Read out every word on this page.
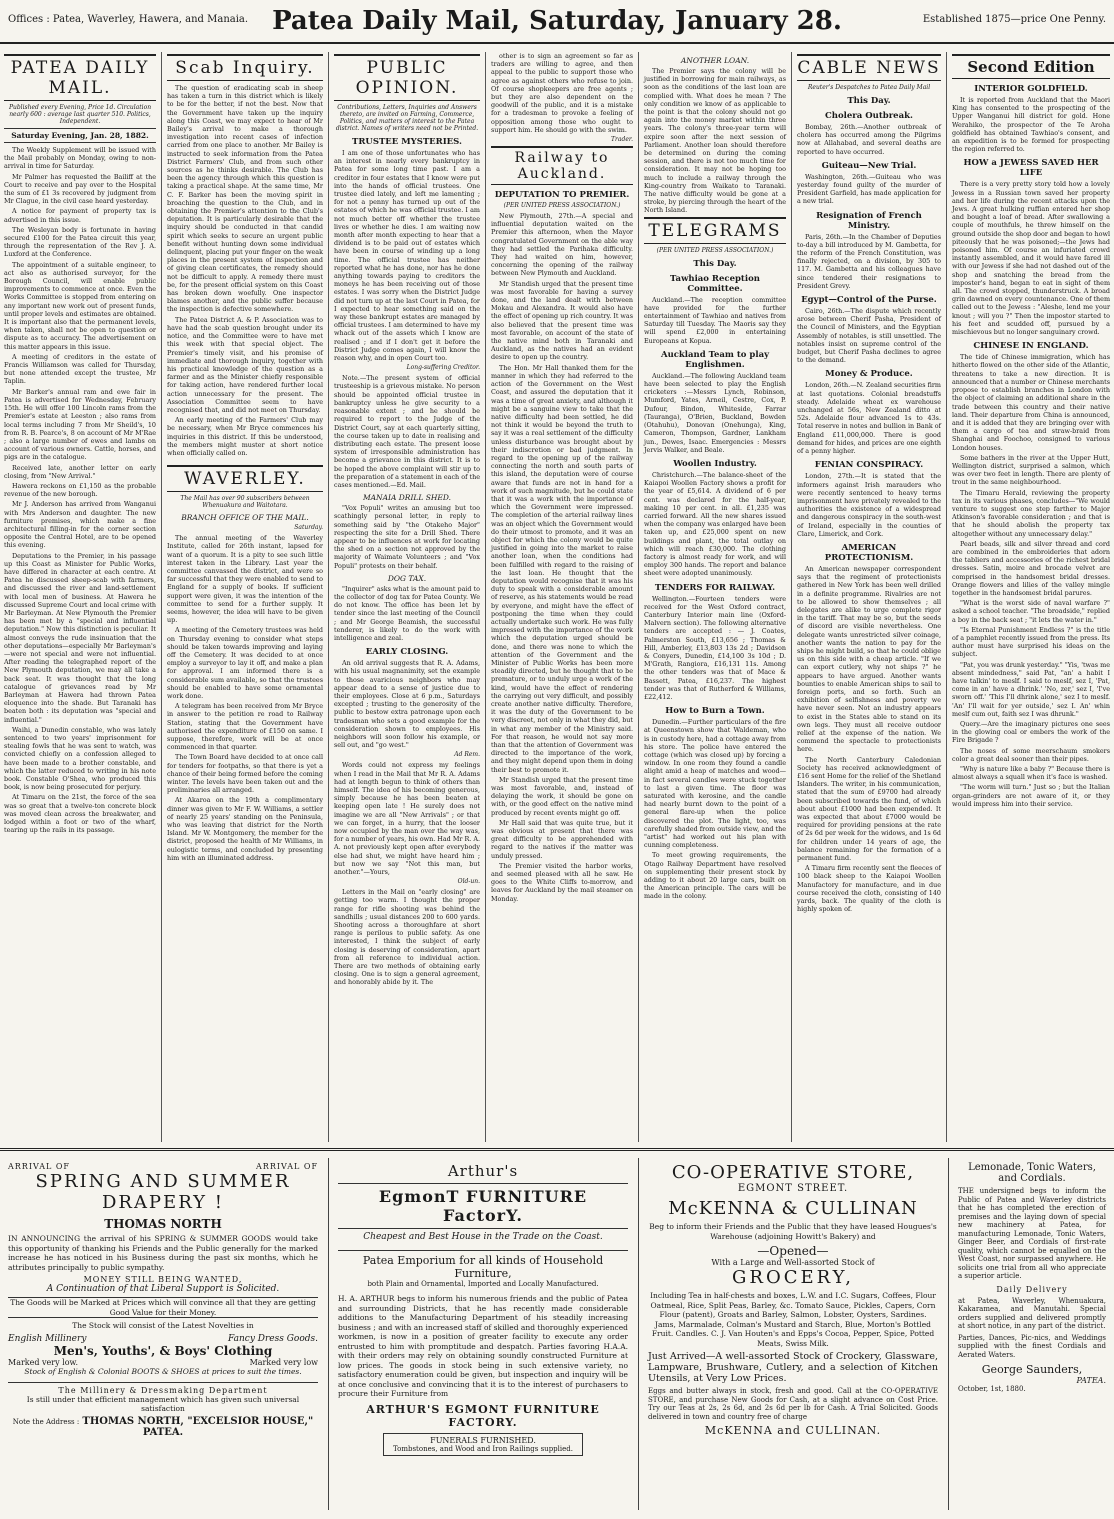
Offices : Patea, Waverley, Hawera, and Manaia. Patea Daily Mail, Saturday, January 28.	Established 1875—price One Penny.
PATEA DAILY MAIL.
Published every Evening, Price 1d. Circulation nearly 600 : average last quarter 510. Politics, Independent.
Saturday Evening, Jan. 28, 1882.

The Weekly Supplement will be issued with the Mail probably on Monday, owing to non-arrival in time for Saturday.

Mr Palmer has requested the Bailiff at the Court to receive and pay over to the Hospital the sum of £1 3s recovered by judgment from Mr Clague, in the civil case heard yesterday.

A notice for payment of property tax is advertised in this issue.

The Wesleyan body is fortunate in having secured £100 for the Patea circuit this year, through the representation of the Rev J. A. Luxford at the Conference.

The appointment of a suitable engineer, to act also as authorised surveyor, for the Borough Council, will enable public improvements to commence at once. Even the Works Committee is stopped from entering on any important new work out of present funds, until proper levels and estimates are obtained. It is important also that the permanent levels, when taken, shall not be open to question or dispute as to accuracy. The advertisement on this matter appears in this issue.

A meeting of creditors in the estate of Francis Williamson was called for Thursday, but none attended except the trustee, Mr Taplin.

Mr Barker's annual ram and ewe fair in Patea is advertised for Wednesday, February 15th. He will offer 100 Lincoln rams from the Premier's estate at Leeston ; also rams from local terms including 7 from Mr Sheild's, 10 from R. B. Pearce's, 8 on account of Mr M'Rae ; also a large number of ewes and lambs on account of various owners. Cattle, horses, and pigs are in the catalogue.

Received late, another letter on early closing, from "New Arrival."

Hawera reckons on £1,150 as the probable revenue of the new borough.

Mr J. Anderson has arrived from Wanganui with Mrs Anderson and daughter. The new furniture premises, which make a fine architectural filling-in for the corner section opposite the Central Hotel, are to be opened this evening.

Deputations to the Premier, in his passage up this Coast as Minister for Public Works, have differed in character at each centre. At Patea he discussed sheep-scab with farmers, and discussed the river and land-settlement with local men of business. At Hawera he discussed Supreme Court and local crime with Mr Barleyman. At New Plymouth the Premier has been met by a "special and influential deputation." Now this distinction is peculiar. It almost conveys the rude insinuation that the other deputations—especially Mr Barleyman's—were not special and were not influential. After reading the telegraphed report of the New Plymouth deputation, we may all take a back seat. It was thought that the long catalogue of grievances read by Mr Barleyman at Hawera had thrown Patea eloquence into the shade. But Taranaki has beaten both : its deputation was "special and influential."

Waihi, a Dunedin constable, who was lately sentenced to two years' imprisonment for stealing fowls that he was sent to watch, was convicted chiefly on a confession alleged to have been made to a brother constable, and which the latter reduced to writing in his note book. Constable O'Shea, who produced this book, is now being prosecuted for perjury.

At Timaru on the 21st, the force of the sea was so great that a twelve-ton concrete block was moved clean across the breakwater, and lodged within a foot or two of the wharf, tearing up the rails in its passage.

Scab Inquiry.

The question of eradicating scab in sheep has taken a turn in this district which is likely to be for the better, if not the best. Now that the Government have taken up the inquiry along this Coast, we may expect to hear of Mr Bailey's arrival to make a thorough investigation into recent cases of infection carried from one place to another. Mr Bailey is instructed to seek information from the Patea District Farmers' Club, and from such other sources as he thinks desirable. The Club has been the agency through which this question is taking a practical shape. At the same time, Mr C. F. Barker has been the moving spirit in broaching the question to the Club, and in obtaining the Premier's attention to the Club's deputation. It is particularly desirable that the inquiry should be conducted in that candid spirit which seeks to secure an urgent public benefit without hunting down some individual delinquent, placing put your finger on the weak places in the present system of inspection and of giving clean certificates, the remedy should not be difficult to apply. A remedy there must be, for the present official system on this Coast has broken down woefully. One inspector blames another, and the public suffer because the inspection is defective somewhere.

The Patea District A. & P. Association was to have had the scab question brought under its notice, and the Committee were to have met this week with that special object. The Premier's timely visit, and his promise of immediate and thorough inquiry, together with his practical knowledge of the question as a farmer and as the Minister chiefly responsible for taking action, have rendered further local action unnecessary for the present. The Association Committee seem to have recognised that, and did not meet on Thursday.

An early meeting of the Farmers' Club may be necessary, when Mr Bryce commences his inquiries in this district. If this be understood, the members might muster at short notice when officially called on.

WAVERLEY.
The Mail has over 90 subscribers between Whenuakura and Waitotara.
BRANCH OFFICE OF THE MAIL.
Saturday.

The annual meeting of the Waverley Institute, called for 26th instant, lapsed for want of a quorum. It is a pity to see such little interest taken in the Library. Last year the committee canvassed the district, and were so far successful that they were enabled to send to England for a supply of books. If sufficient support were given, it was the intention of the committee to send for a further supply. It seems, however, the idea will have to be given up.

A meeting of the Cemetery trustees was held on Thursday evening to consider what steps should be taken towards improving and laying off the Cemetery. It was decided to at once employ a surveyor to lay it off, and make a plan for approval. I am informed there is a considerable sum available, so that the trustees should be enabled to have some ornamental work done.

A telegram has been received from Mr Bryce in answer to the petition re road to Railway Station, stating that the Government have authorised the expenditure of £150 on same. I suppose, therefore, work will be at once commenced in that quarter.

The Town Board have decided to at once call for tenders for footpaths, so that there is yet a chance of their being formed before the coming winter. The levels have been taken out and the preliminaries all arranged.

At Akaroa on the 19th a complimentary dinner was given to Mr F. W. Williams, a settler of nearly 25 years' standing on the Peninsula, who was leaving that district for the North Island. Mr W. Montgomery, the member for the district, proposed the health of Mr Williams, in eulogistic terms, and concluded by presenting him with an illuminated address.

PUBLIC OPINION.
Contributions, Letters, Inquiries and Answers thereto, are invited on Farming, Commerce, Politics, and matters of interest to the Patea district. Names of writers need not be Printed.
TRUSTEE MYSTERIES.

I am one of those unfortunates who has an interest in nearly every bankruptcy in Patea for some long time past. I am a creditor in four estates that I know were put into the hands of official trustees. One trustee died lately, and left me lamenting ; for not a penny has turned up out of the estates of which he was official trustee. I am not much better off whether the trustee lives or whether he dies. I am waiting now month after month expecting to hear that a dividend is to be paid out of estates which have been in course of winding up a long time. The official trustee has neither reported what he has done, nor has he done anything towards paying to creditors the moneys he has been receiving out of those estates. I was sorry when the District Judge did not turn up at the last Court in Patea, for I expected to hear something said on the way these bankrupt estates are managed by official trustees. I am determined to have my whack out of the assets which I know are realised ; and if I don't get it before the District Judge comes again, I will know the reason why, and in open Court too.

Long-suffering Creditor.

Note.—The present system of official trusteeship is a grievous mistake. No person should be appointed official trustee in bankruptcy unless he give security to a reasonable extent ; and he should be required to report to the Judge of the District Court, say at each quarterly sitting, the course taken up to date in realising and distributing each estate. The present loose system of irresponsible administration has become a grievance in this district. It is to be hoped the above complaint will stir up to the preparation of a statement in each of the cases mentioned.—Ed. Mail.

MANAIA DRILL SHED.

"Vox Populi" writes an amusing but too scathingly personal letter, in reply to something said by "the Otakeho Major" respecting the site for a Drill Shed. There appear to be influences at work for locating the shed on a section not approved by the majority of Waimate Volunteers ; and "Vox Populi" protests on their behalf.

DOG TAX.

"Inquirer" asks what is the amount paid to the collector of dog tax for Patea County. We do not know. The office has been let by tender since the last meeting of the Council ; and Mr George Beamish, the successful tenderer, is likely to do the work with intelligence and zeal.

EARLY CLOSING.

An old arrival suggests that R. A. Adams, with his usual magnanimity, set the example to those avaricious neighbors who may appear dead to a sense of justice due to their employees. Close at 6 p.m., Saturdays excepted ; trusting to the generosity of the public to bestow extra patronage upon each tradesman who sets a good example for the consideration shown to employees. His neighbors will soon follow his example, or sell out, and "go west."

Ad Rem.

Words could not express my feelings when I read in the Mail that Mr R. A. Adams had at length begun to think of others than himself. The idea of his becoming generous, simply because he has been beaten at keeping open late ! He surely does not imagine we are all "New Arrivals" ; or that we can forget, in a hurry, that the looser now occupied by the man over the way was, for a number of years, his own. Had Mr R. A. A. not previously kept open after everybody else had shut, we might have heard him ; but now we say "Not this man, but another."—Yours,

Old-un.

Letters in the Mail on "early closing" are getting too warm. I thought the proper range for rifle shooting was behind the sandhills ; usual distances 200 to 600 yards. Shooting across a thoroughfare at short range is perilous to public safety. As one interested, I think the subject of early closing is deserving of consideration, apart from all reference to individual action. There are two methods of obtaining early closing. One is to sign a general agreement, and honorably abide by it. The

other is to sign an agreement so far as traders are willing to agree, and then appeal to the public to support those who agree as against others who refuse to join. Of course shopkeepers are free agents ; but they are also dependent on the goodwill of the public, and it is a mistake for a tradesman to provoke a feeling of opposition among those who ought to support him. He should go with the swim.

Trader.
Railway to Auckland.
DEPUTATION TO PREMIER.
(PER UNITED PRESS ASSOCIATION.)

New Plymouth, 27th.—A special and influential deputation waited on the Premier this afternoon, when the Mayor congratulated Government on the able way they had settled the Parihaka difficulty. They had waited on him, however, concerning the opening of the railway between New Plymouth and Auckland.

Mr Standish urged that the present time was most favorable for having a survey done, and the land dealt with between Mokau and Alexandra. It would also have the effect of opening up rich country. It was also believed that the present time was most favorable, on account of the state of the native mind both in Taranaki and Auckland, as the natives had an evident desire to open up the country.

The Hon. Mr Hall thanked them for the manner in which they had referred to the action of the Government on the West Coast, and assured the deputation that it was a time of great anxiety, and although it might be a sanguine view to take that the native difficulty had been settled, he did not think it would be beyond the truth to say it was a real settlement of the difficulty unless disturbance was brought about by their indiscretion or bad judgment. In regard to the opening up of the railway connecting the north and south parts of this island, the deputation were of course aware that funds are not in hand for a work of such magnitude, but he could state that it was a work with the importance of which the Government were impressed. The completion of the arterial railway lines was an object which the Government would do their utmost to promote, and it was an object for which the colony would be quite justified in going into the market to raise another loan, when the conditions had been fulfilled with regard to the raising of the last loan. He thought that the deputation would recognise that it was his duty to speak with a considerable amount of reserve, as his statements would be read by everyone, and might have the effect of postponing the time when they could actually undertake such work. He was fully impressed with the importance of the work which the deputation urged should be done, and there was none to which the attention of the Government and the Minister of Public Works has been more steadily directed, but he thought that to be premature, or to unduly urge a work of the kind, would have the effect of rendering the carrying out very difficult, and possibly create another native difficulty. Therefore, it was the duty of the Government to be very discreet, not only in what they did, but in what any member of the Ministry said. For that reason, he would not say more than that the attention of Government was directed to the importance of the work, and they might depend upon them in doing their best to promote it.

Mr Standish urged that the present time was most favorable, and, instead of delaying the work, it should be gone on with, or the good effect on the native mind produced by recent events might go off.

Mr Hall said that was quite true, but it was obvious at present that there was great difficulty to be apprehended with regard to the natives if the matter was unduly pressed.

The Premier visited the harbor works, and seemed pleased with all he saw. He goes to the White Cliffs to-morrow, and leaves for Auckland by the mail steamer on Monday.

ANOTHER LOAN.

The Premier says the colony will be justified in borrowing for main railways, as soon as the conditions of the last loan are complied with. What does he mean ? The only condition we know of as applicable to the point is that the colony should not go again into the money market within three years. The colony's three-year term will expire soon after the next session of Parliament. Another loan should therefore be determined on during the coming session, and there is not too much time for consideration. It may not be hoping too much to include a railway through the King-country from Waikato to Taranaki. The native difficulty would be gone at a stroke, by piercing through the heart of the North Island.

TELEGRAMS
(PER UNITED PRESS ASSOCIATION.)
This Day.
Tawhiao Reception Committee.

Auckland.—The reception committee have provided for the further entertainment of Tawhiao and natives from Saturday till Tuesday. The Maoris say they will spend £2,000 in entertaining Europeans at Kopua.

Auckland Team to play Englishmen.

Auckland.—The following Auckland team have been selected to play the English cricketers :—Messrs Lynch, Robinson, Mumford, Yates, Arneil, Cestre, Cox, P. Dufour, Bindon, Whiteside, Farrar (Tauranga), O'Brien, Buckland, Bowden (Otahuhu), Donovan (Onehunga), King, Cameron, Thompson, Gardner, Lankham jun., Dewes, Isaac. Emergencies : Messrs Jervis Walker, and Beale.

Woollen Industry.

Christchurch.—The balance-sheet of the Kaiapoi Woollen Factory shows a profit for the year of £5,614. A dividend of 6 per cent. was declared for the half-year, making 10 per cent. in all. £1,235 was carried forward. All the new shares issued when the company was enlarged have been taken up, and £25,000 spent on new buildings and plant, the total outlay on which will reach £30,000. The clothing factory is almost ready for work, and will employ 300 hands. The report and balance sheet were adopted unanimously.

TENDERS FOR RAILWAY.

Wellington.—Fourteen tenders were received for the West Oxford contract, Canterbury Interior main line (Oxford-Malvern section). The following alternative tenders are accepted : — J. Coates, Palmerston South, £13,656 ; Thomas & Hill, Amberley, £13,803 13s 2d ; Davidson & Conyers, Dunedin, £14,100 3s 10d ; D. M'Grath, Rangiora, £16,131 11s. Among the other tenders was that of Mace & Bassett, Patea, £16,237. The highest tender was that of Rutherford & Williams, £22,412.

How to Burn a Town.

Dunedin.—Further particulars of the fire at Queenstown show that Waldeman, who is in custody here, had a cottage away from his store. The police have entered the cottage (which was closed up) by forcing a window. In one room they found a candle alight amid a heap of matches and wood—in fact several candles were stuck together to last a given time. The floor was saturated with kerosine, and the candle had nearly burnt down to the point of a general flare-up when the police discovered the plot. The light, too, was carefully shaded from outside view, and the "artist" had worked out his plan with cunning completeness.

To meet growing requirements, the Otago Railway Department have resolved on supplementing their present stock by adding to it about 20 large cars, built on the American principle. The cars will be made in the colony.

CABLE NEWS
Reuter's Despatches to Patea Daily Mail
This Day.
Cholera Outbreak.

Bombay, 26th.—Another outbreak of cholera has occurred among the Pilgrims now at Allahabad, and several deaths are reported to have occurred.

Guiteau—New Trial.

Washington, 26th.—Guiteau who was yesterday found guilty of the murder of President Garfield, has made application for a new trial.

Resignation of French Ministry.

Paris, 26th.—In the Chamber of Deputies to-day a bill introduced by M. Gambetta, for the reform of the French Constitution, was finally rejected, on a division, by 305 to 117. M. Gambetta and his colleagues have since tendered their resignations to President Grevy.

Egypt—Control of the Purse.

Cairo, 26th.—The dispute which recently arose between Cherif Pasha, President of the Council of Ministers, and the Egyptian Assembly of notables, is still unsettled. The notables insist on supreme control of the budget, but Cherif Pasha declines to agree to the demand.

Money & Produce.

London, 26th.—N. Zealand securities firm at last quotations. Colonial breadstuffs steady. Adelaide wheat ex warehouse unchanged at 56s, New Zealand ditto at 52s. Adelaide flour advanced 1s to 43s. Total reserve in notes and bullion in Bank of England £11,000,000. There is good demand for hides, and prices are one eighth of a penny higher.

FENIAN CONSPIRACY.

London, 27th.—It is stated that the informers against Irish marauders who were recently sentenced to heavy terms imprisonment have privately revealed to the authorities the existence of a widespread and dangerous conspiracy in the south-west of Ireland, especially in the counties of Clare, Limerick, and Cork.

AMERICAN PROTECTIONISM.

An American newspaper correspondent says that the regiment of protectionists gathered in New York has been well drilled in a definite programme. Rivalries are not to be allowed to show themselves ; all delegates are alike to urge complete rigor in the tariff. That may be so, but the seeds of discord are visible nevertheless. One delegate wants unrestricted silver coinage, another wants the nation to pay for the ships he might build, so that he could oblige us on this side with a cheap article. "If we can export cutlery, why not ships ?" he appears to have argued. Another wants bounties to enable American ships to sail to foreign ports, and so forth. Such an exhibition of selfishness and poverty we have never seen. Not an industry appears to exist in the States able to stand on its own legs. They must all receive outdoor relief at the expense of the nation. We commend the spectacle to protectionists here.

The North Canterbury Caledonian Society has received acknowledgment of £16 sent Home for the relief of the Shetland Islanders. The writer, in his communication, stated that the sum of £9700 had already been subscribed towards the fund, of which about about £1000 had been expended. It was expected that about £7000 would be required for providing pensions at the rate of 2s 6d per week for the widows, and 1s 6d for children under 14 years of age, the balance remaining for the formation of a permanent fund.

A Timaru firm recently sent the fleeces of 100 black sheep to the Kaiapoi Woollen Manufactory for manufacture, and in due course received the cloth, consisting of 140 yards, back. The quality of the cloth is highly spoken of.

Second Edition
INTERIOR GOLDFIELD.

It is reported from Auckland that the Maori King has consented to the prospecting of the Upper Wanganui hill district for gold. Hone Werahiko, the prospector of the Te Aroha goldfield has obtained Tawhiao's consent, and an expedition is to be formed for prospecting the region referred to.

HOW a JEWESS SAVED HER LIFE

There is a very pretty story told how a lovely Jewess in a Russian town saved her property and her life during the recent attacks upon the Jews. A great hulking ruffian entered her shop and bought a loaf of bread. After swallowing a couple of mouthfuls, he threw himself on the ground outside the shop door and began to howl piteously that he was poisoned;—the Jews had poisoned him. Of course an infuriated crowd instantly assembled, and it would have fared ill with our Jewess if she had not dashed out of the shop and snatching the bread from the imposter's hand, began to eat in sight of them all. The crowd stopped, thunderstruck. A broad grin dawned on every countenance. One of them called out to the Jewess : "Aleshe, lend me your knout ; will you ?" Then the impostor started to his feet and scudded off, pursued by a mischievous but no longer sanguinary crowd.

CHINESE IN ENGLAND.

The tide of Chinese immigration, which has hitherto flowed on the other side of the Atlantic, threatens to take a new direction. It is announced that a number or Chinese merchants propose to establish branches in London with the object of claiming an additional share in the trade between this country and their native land. Their departure from China is announced, and it is added that they are bringing over with them a cargo of tea and straw-braid from Shanghai and Foochoo, consigned to various London houses.

Some bathers in the river at the Upper Hutt, Wellington district, surprised a salmon, which was over two feet in length. There are plenty of trout in the same neighbourhood.

The Timaru Herald, reviewing the property tax in its various phases, concludes—"We would venture to suggest one step farther to Major Atkinson's favorable consideration ; and that is that he should abolish the property tax altogether without any unnecessary delay."

Pearl beads, silk and silver thread and cord are combined in the embroideries that adorn the tabliers and accessories of the richest bridal dresses. Satin, moire and brocade velvet are comprised in the handsomest bridal dresses. Orange flowers and lilies of the valley mingle together in the handsomest bridal parures.

"What is the worst side of naval warfare ?" asked a school teacher. "The broadside," replied a boy in the back seat ; "it lets the water in."

"Is Eternal Punishment Endless ?" is the title of a pamphlet recently issued from the press. Its author must have surprised his ideas on the subject.

"Pat, you was drunk yesterday." "Yis, 'twas me absent mindedness," said Pat, "an' a habit I have talkin' to meslf. I said to meslf, sez I, 'Pat, come in an' have a dhrink.' 'No, zer,' sez I, 'I've sworn off.' 'This I'll dhrink alone,' sez I to meslf. 'An' I'll wait for yer outside,' sez I. An' whin meslf cum out, faith sez I was dhrunk."

Query.—Are the imaginary pictures one sees in the glowing coal or embers the work of the Fire Brigade ?

The noses of some meerschaum smokers color a great deal sooner than their pipes.

"Why is nature like a baby ?" Because there is almost always a squall when it's face is washed.

"The worm will turn." Just so ; but the Italian organ-grinders are not aware of it, or they would impress him into their service.

ARRIVAL OF	ARRIVAL OF
SPRING AND SUMMER DRAPERY !
THOMAS NORTH
IN ANNOUNCING the arrival of his SPRING & SUMMER GOODS would take this opportunity of thanking his Friends and the Public generally for the marked increase he has noticed in his Business during the past six months, which he attributes principally to public sympathy.
MONEY STILL BEING WANTED,
A Continuation of that Liberal Support is Solicited.
The Goods will be Marked at Prices which will convince all that they are getting Good Value for their Money.
The Stock will consist of the Latest Novelties in
English Millinery	Fancy Dress Goods.
Men's, Youths', & Boys' Clothing
Marked very low.	Marked very low
Stock of English & Colonial BOOTS & SHOES at prices to suit the times.
The Millinery & Dressmaking Department
Is still under that efficient management which has given such universal satisfaction
Note the Address : THOMAS NORTH, "EXCELSIOR HOUSE," PATEA.
Arthur's
EgmonT FURNITURE FactorY.
Cheapest and Best House in the Trade on the Coast.
Patea Emporium for all kinds of Household Furniture,
both Plain and Ornamental, Imported and Locally Manufactured.
H. A. ARTHUR begs to inform his numerous friends and the public of Patea and surrounding Districts, that he has recently made considerable additions to the Manufacturing Department of his steadily increasing business ; and with an increased staff of skilled and thoroughly experienced workmen, is now in a position of greater facility to execute any order entrusted to him with promptitude and despatch. Parties favoring H.A.A. with their orders may rely on obtaining soundly constructed Furniture at low prices. The goods in stock being in such extensive variety, no satisfactory enumeration could be given, but inspection and inquiry will be at once conclusive and convincing that it is to the interest of purchasers to procure their Furniture from
ARTHUR'S EGMONT FURNITURE FACTORY.
FUNERALS FURNISHED.
Tombstones, and Wood and Iron Railings supplied.
CO-OPERATIVE STORE,
EGMONT STREET.
McKENNA & CULLINAN
Beg to inform their Friends and the Public that they have leased Hougues's Warehouse (adjoining Howitt's Bakery) and
—Opened—
With a Large and Well-assorted Stock of
GROCERY,
Including Tea in half-chests and boxes, L.W. and I.C. Sugars, Coffees, Flour Oatmeal, Rice, Split Peas, Barley, &c. Tomato Sauce, Pickles, Capers, Corn Flour (patent), Groats and Barley, Salmon, Lobster, Oysters, Sardines. Jams, Marmalade, Colman's Mustard and Starch, Blue, Morton's Bottled Fruit. Candles. C. J. Van Houten's and Epps's Cocoa, Pepper, Spice, Potted Meats, Swiss Milk.
Just Arrived—A well-assorted Stock of Crockery, Glassware, Lampware, Brushware, Cutlery, and a selection of Kitchen Utensils, at Very Low Prices.
Eggs and butter always in stock, fresh and good. Call at the CO-OPERATIVE STORE, and purchase New Goods for Cash, at a slight advance on Cost Price. Try our Teas at 2s, 2s 6d, and 2s 6d per lb for Cash. A Trial Solicited. Goods delivered in town and country free of charge
McKENNA and CULLINAN.
Lemonade, Tonic Waters, and Cordials.
THE undersigned begs to inform the Public of Patea and Waverley districts that he has completed the erection of premises and the laying down of special new machinery at Patea, for manufacturing Lemonade, Tonic Waters, Ginger Beer, and Cordials of first-rate quality, which cannot be equalled on the West Coast, nor surpassed anywhere. He solicits one trial from all who appreciate a superior article.
Daily Delivery
at Patea, Waverley, Whenuakura, Kakaramea, and Manutahi. Special orders supplied and delivered promptly at short notice, in any part of the district.
Parties, Dances, Pic-nics, and Weddings supplied with the finest Cordials and Aerated Waters.
George Saunders,
PATEA.
October, 1st, 1880.
